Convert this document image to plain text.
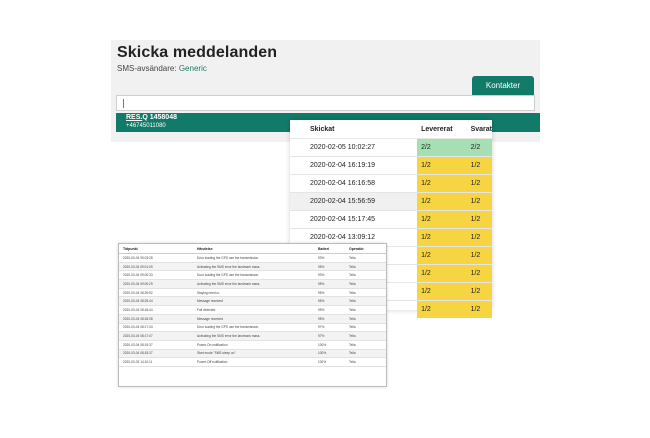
Skicka meddelanden
SMS-avsändare: Generic
Kontakter
RES.Q 1458048
+46745011080	Skickat	Levererat	Svarat
2020-02-05 10:02:27	2/2	2/2
2020-02-04 16:19:19	1/2	1/2
2020-02-04 16:16:58	1/2	1/2
2020-02-04 15:56:59	1/2	1/2
2020-02-04 15:17:45	1/2	1/2
2020-02-04 13:09:12	1/2	1/2
	1/2	1/2
	1/2	1/2
	1/2	1/2
	1/2	1/2
Tidpunkt	Händelse	Batteri	Operatör
2020-03-04 09:03:28	Door loading the GPS use the transmission.	93%	Telia
2020-03-04 09:01:09	Activating the SMS error the landmark mass.	95%	Telia
2020-03-04 09:00:33	Door loading the GPS use the transmission.	93%	Telia
2020-03-04 09:00:29	Activating the SMS error the landmark mass.	95%	Telia
2020-03-04 08:26:52	Staying need ru.	95%	Telia
2020-03-04 08:25:44	Message received	95%	Telia
2020-03-04 08:18:44	Fall detected	95%	Telia
2020-03-04 08:18:08	Message received	95%	Telia
2020-03-04 08:17:34	Door loading the GPS use the transmission.	97%	Telia
2020-03-04 08:17:07	Activating the SMS error the landmark mass.	97%	Telia
2020-03-04 08:15:37	Power-On notification	100%	Telia
2020-03-04 08:15:37	Start mode "SMS sleep on"	100%	Telia
2020-03-03 14:10:11	Power-Off notification	100%	Telia
